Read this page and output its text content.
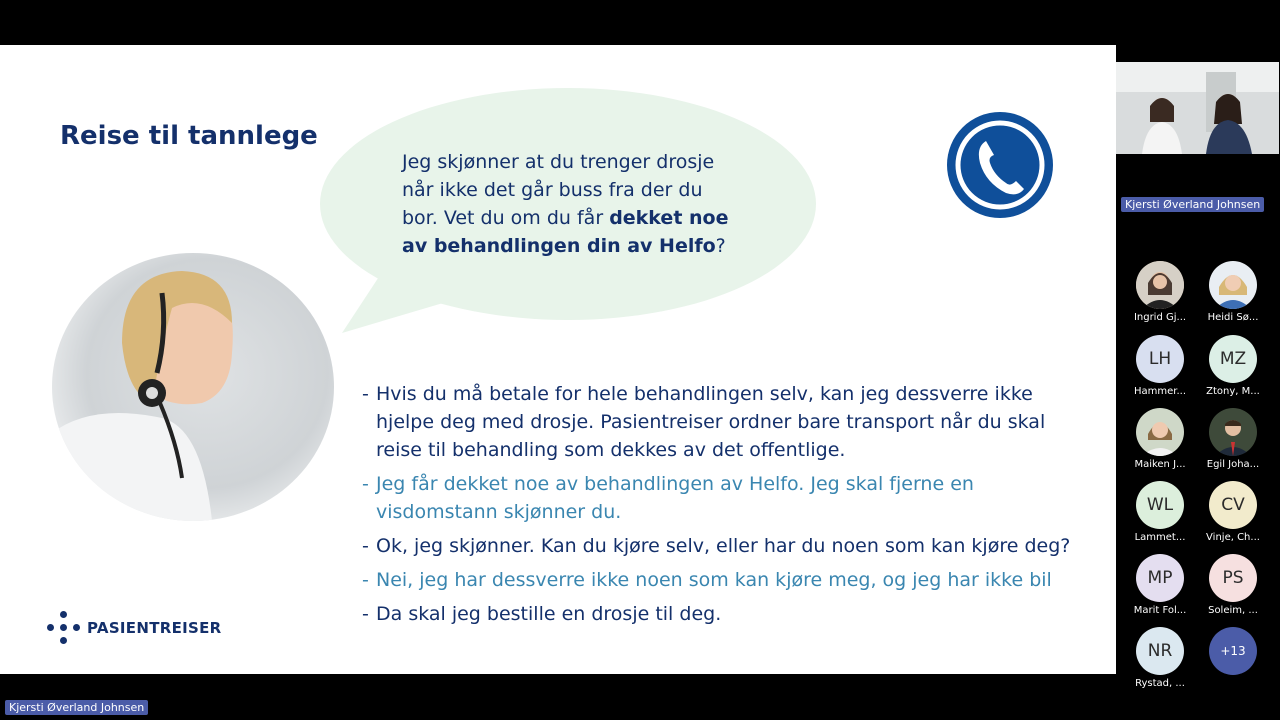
Reise til tannlege
Jeg skjønner at du trenger drosje når ikke det går buss fra der du bor. Vet du om du får dekket noe av behandlingen din av Helfo?
- Hvis du må betale for hele behandlingen selv, kan jeg dessverre ikke hjelpe deg med drosje. Pasientreiser ordner bare transport når du skal reise til behandling som dekkes av det offentlige.
- Jeg får dekket noe av behandlingen av Helfo. Jeg skal fjerne en visdomstann skjønner du.
- Ok, jeg skjønner. Kan du kjøre selv, eller har du noen som kan kjøre deg?
- Nei, jeg har dessverre ikke noen som kan kjøre meg, og jeg har ikke bil
- Da skal jeg bestille en drosje til deg.
PASIENTREISER
Kjersti Øverland Johnsen
Kjersti Øverland Johnsen
Ingrid Gj...	Heidi Sø...
LH
Hammer...
MZ
Ztony, M...
Maiken J...	Egil Joha...
WL
Lammet...
CV
Vinje, Ch...
MP
Marit Fol...
PS
Soleim, ...
NR
Rystad, ...
+13
